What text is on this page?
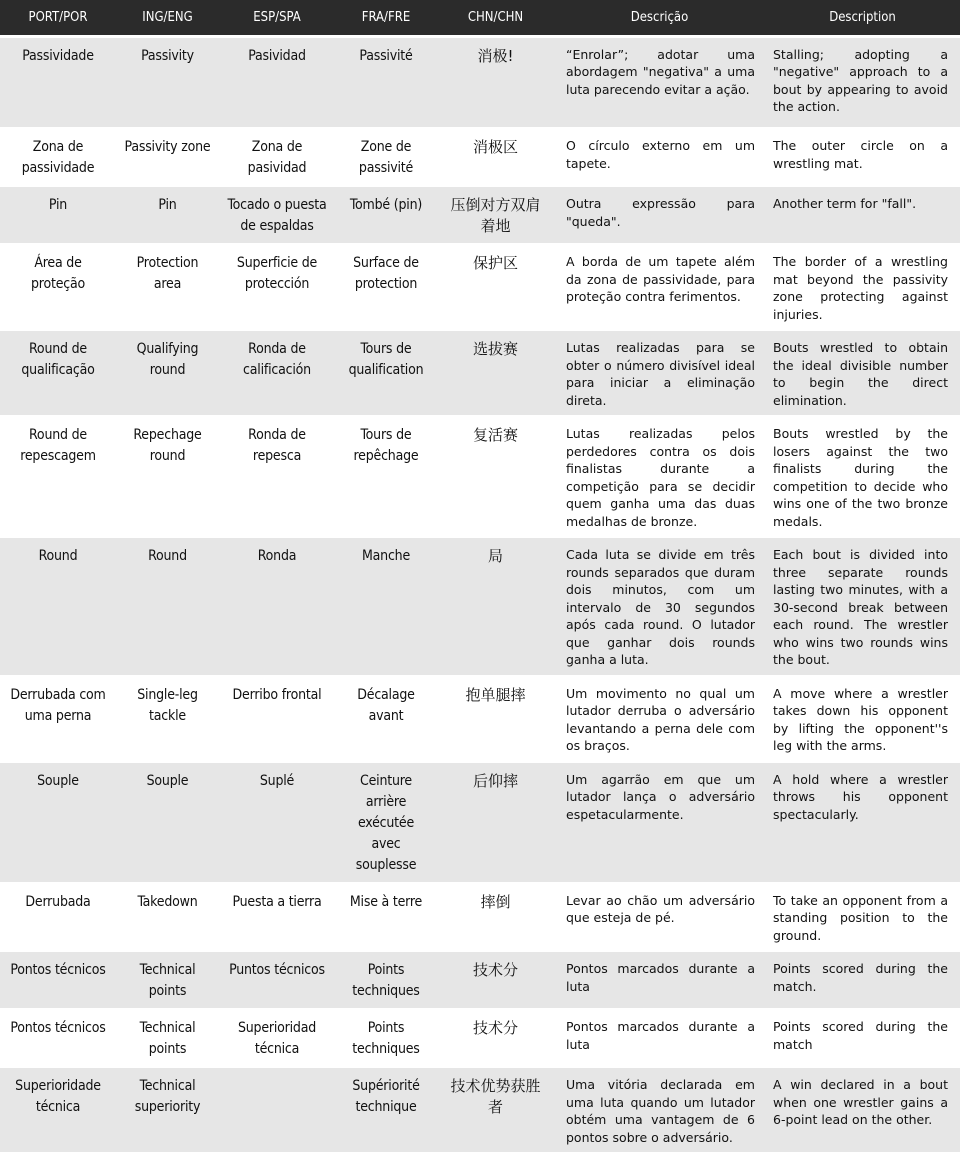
PORT/POR	ING/ENG	ESP/SPA	FRA/FRE	CHN/CHN	Descrição	Description
Passividade	Passivity	Pasividad	Passivité	消极!	“Enrolar”; adotar uma abordagem "negativa" a uma luta parecendo evitar a ação.	Stalling; adopting a "negative" approach to a bout by appearing to avoid the action.
Zona de passividade	Passivity zone	Zona de pasividad	Zone de passivité	消极区	O círculo externo em um tapete.	The outer circle on a wrestling mat.
Pin	Pin	Tocado o puesta de espaldas	Tombé (pin)	压倒对方双肩着地	Outra expressão para "queda".	Another term for "fall".
Área de proteção	Protection area	Superficie de protección	Surface de protection	保护区	A borda de um tapete além da zona de passividade, para proteção contra ferimentos.	The border of a wrestling mat beyond the passivity zone protecting against injuries.
Round de qualificação	Qualifying round	Ronda de calificación	Tours de qualification	选拔赛	Lutas realizadas para se obter o número divisível ideal para iniciar a eliminação direta.	Bouts wrestled to obtain the ideal divisible number to begin the direct elimination.
Round de repescagem	Repechage round	Ronda de repesca	Tours de repêchage	复活赛	Lutas realizadas pelos perdedores contra os dois finalistas durante a competição para se decidir quem ganha uma das duas medalhas de bronze.	Bouts wrestled by the losers against the two finalists during the competition to decide who wins one of the two bronze medals.
Round	Round	Ronda	Manche	局	Cada luta se divide em três rounds separados que duram dois minutos, com um intervalo de 30 segundos após cada round. O lutador que ganhar dois rounds ganha a luta.	Each bout is divided into three separate rounds lasting two minutes, with a 30-second break between each round. The wrestler who wins two rounds wins the bout.
Derrubada com uma perna	Single-leg tackle	Derribo frontal	Décalage avant	抱单腿摔	Um movimento no qual um lutador derruba o adversário levantando a perna dele com os braços.	A move where a wrestler takes down his opponent by lifting the opponent''s leg with the arms.
Souple	Souple	Suplé	Ceinture arrière exécutée avec souplesse	后仰摔	Um agarrão em que um lutador lança o adversário espetacularmente.	A hold where a wrestler throws his opponent spectacularly.
Derrubada	Takedown	Puesta a tierra	Mise à terre	摔倒	Levar ao chão um adversário que esteja de pé.	To take an opponent from a standing position to the ground.
Pontos técnicos	Technical points	Puntos técnicos	Points techniques	技术分	Pontos marcados durante a luta	Points scored during the match.
Pontos técnicos	Technical points	Superioridad técnica	Points techniques	技术分	Pontos marcados durante a luta	Points scored during the match
Superioridade técnica	Technical superiority		Supériorité technique	技术优势获胜者	Uma vitória declarada em uma luta quando um lutador obtém uma vantagem de 6 pontos sobre o adversário.	A win declared in a bout when one wrestler gains a 6-point lead on the other.
